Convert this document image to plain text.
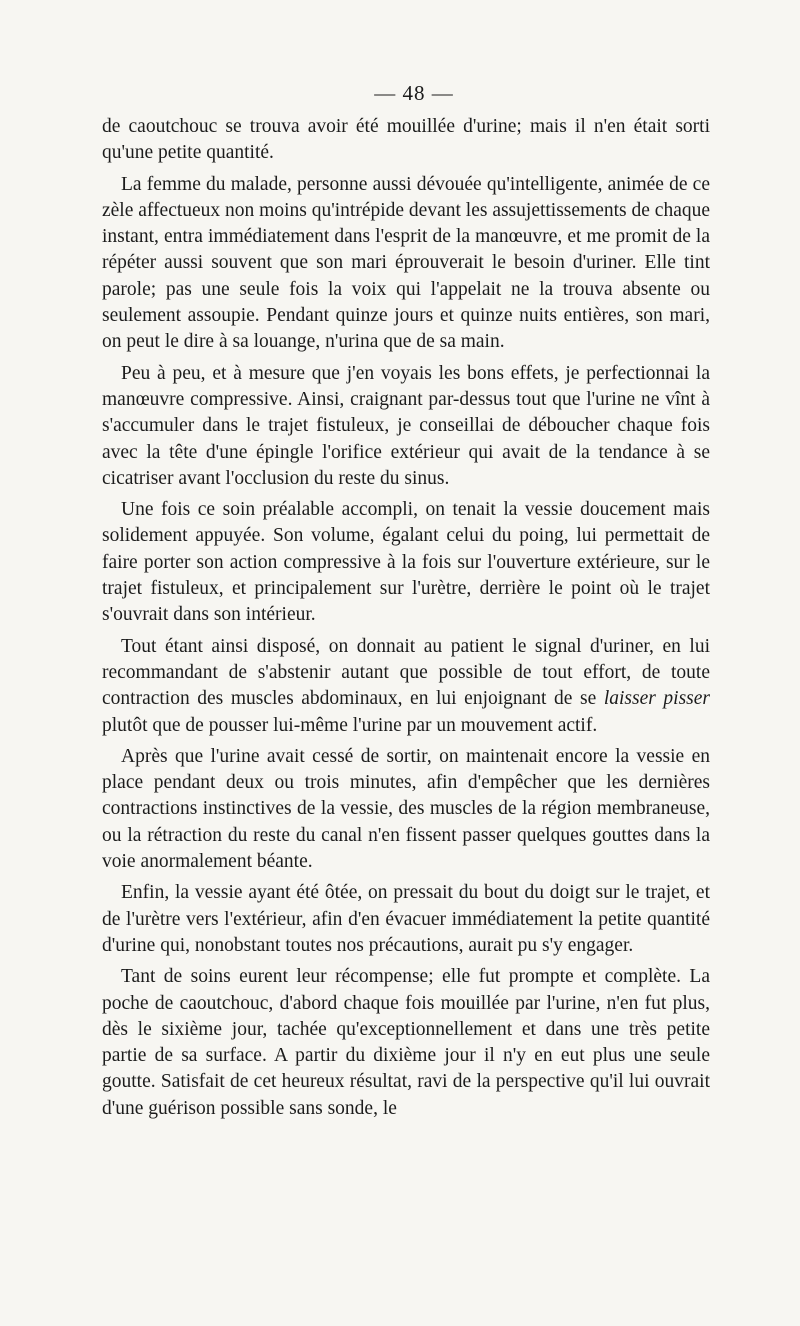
— 48 —

de caoutchouc se trouva avoir été mouillée d'urine; mais il n'en était sorti qu'une petite quantité.

La femme du malade, personne aussi dévouée qu'intelligente, animée de ce zèle affectueux non moins qu'intrépide devant les assujettissements de chaque instant, entra immédiatement dans l'esprit de la manœuvre, et me promit de la répéter aussi souvent que son mari éprouverait le besoin d'uriner. Elle tint parole; pas une seule fois la voix qui l'appelait ne la trouva absente ou seulement assoupie. Pendant quinze jours et quinze nuits entières, son mari, on peut le dire à sa louange, n'urina que de sa main.

Peu à peu, et à mesure que j'en voyais les bons effets, je perfectionnai la manœuvre compressive. Ainsi, craignant par-dessus tout que l'urine ne vînt à s'accumuler dans le trajet fistuleux, je conseillai de déboucher chaque fois avec la tête d'une épingle l'orifice extérieur qui avait de la tendance à se cicatriser avant l'occlusion du reste du sinus.

Une fois ce soin préalable accompli, on tenait la vessie doucement mais solidement appuyée. Son volume, égalant celui du poing, lui permettait de faire porter son action compressive à la fois sur l'ouverture extérieure, sur le trajet fistuleux, et principalement sur l'urètre, derrière le point où le trajet s'ouvrait dans son intérieur.

Tout étant ainsi disposé, on donnait au patient le signal d'uriner, en lui recommandant de s'abstenir autant que possible de tout effort, de toute contraction des muscles abdominaux, en lui enjoignant de se laisser pisser plutôt que de pousser lui-même l'urine par un mouvement actif.

Après que l'urine avait cessé de sortir, on maintenait encore la vessie en place pendant deux ou trois minutes, afin d'empêcher que les dernières contractions instinctives de la vessie, des muscles de la région membraneuse, ou la rétraction du reste du canal n'en fissent passer quelques gouttes dans la voie anormalement béante.

Enfin, la vessie ayant été ôtée, on pressait du bout du doigt sur le trajet, et de l'urètre vers l'extérieur, afin d'en évacuer immédiatement la petite quantité d'urine qui, nonobstant toutes nos précautions, aurait pu s'y engager.

Tant de soins eurent leur récompense; elle fut prompte et complète. La poche de caoutchouc, d'abord chaque fois mouillée par l'urine, n'en fut plus, dès le sixième jour, tachée qu'exceptionnellement et dans une très petite partie de sa surface. A partir du dixième jour il n'y en eut plus une seule goutte. Satisfait de cet heureux résultat, ravi de la perspective qu'il lui ouvrait d'une guérison possible sans sonde, le
